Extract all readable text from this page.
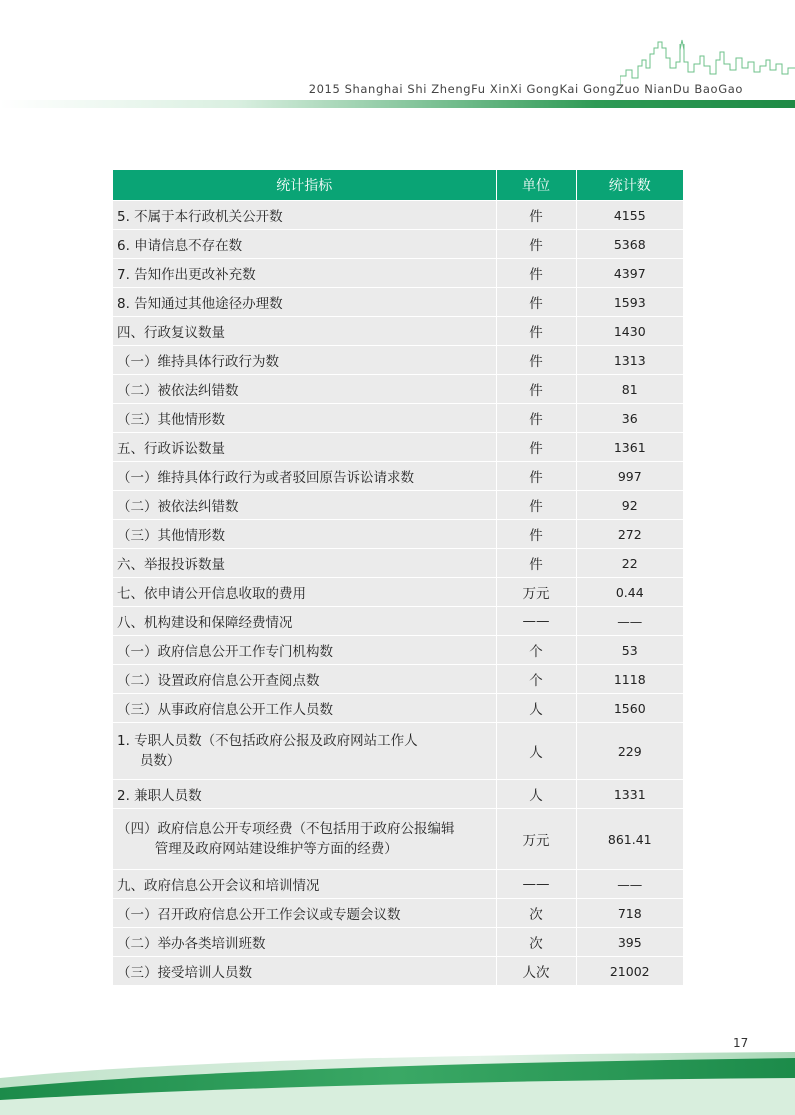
2015 Shanghai Shi ZhengFu XinXi GongKai GongZuo NianDu BaoGao
统计指标	单位	统计数
5. 不属于本行政机关公开数	件	4155
6. 申请信息不存在数	件	5368
7. 告知作出更改补充数	件	4397
8. 告知通过其他途径办理数	件	1593
四、行政复议数量	件	1430
（一）维持具体行政行为数	件	1313
（二）被依法纠错数	件	81
（三）其他情形数	件	36
五、行政诉讼数量	件	1361
（一）维持具体行政行为或者驳回原告诉讼请求数	件	997
（二）被依法纠错数	件	92
（三）其他情形数	件	272
六、举报投诉数量	件	22
七、依申请公开信息收取的费用	万元	0.44
八、机构建设和保障经费情况	——	——
（一）政府信息公开工作专门机构数	个	53
（二）设置政府信息公开查阅点数	个	1118
（三）从事政府信息公开工作人员数	人	1560

1. 专职人员数（不包括政府公报及政府网站工作人员数）	人	229
2. 兼职人员数	人	1331

（四）政府信息公开专项经费（不包括用于政府公报编辑管理及政府网站建设维护等方面的经费）	万元	861.41
九、政府信息公开会议和培训情况	——	——
（一）召开政府信息公开工作会议或专题会议数	次	718
（二）举办各类培训班数	次	395
（三）接受培训人员数	人次	21002
17
